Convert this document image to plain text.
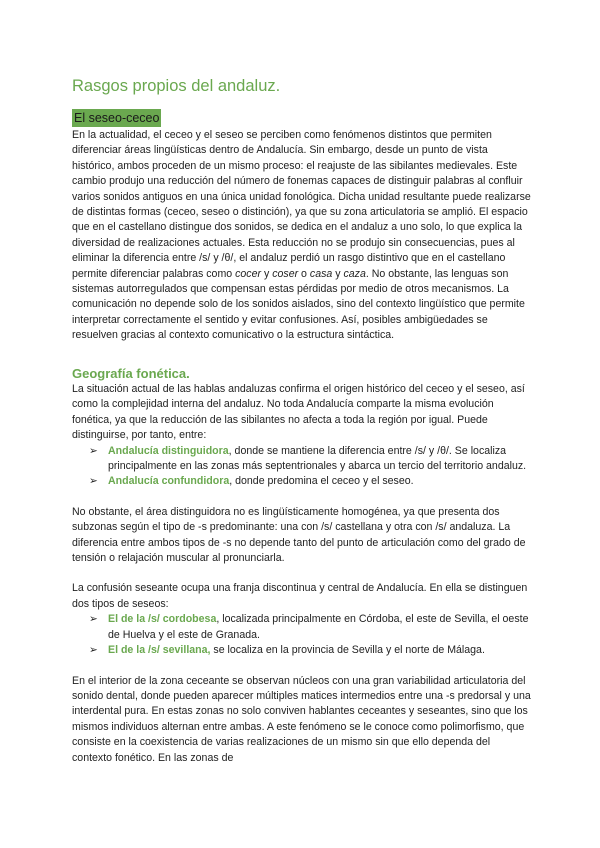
Rasgos propios del andaluz.
El seseo-ceceo

En la actualidad, el ceceo y el seseo se perciben como fenómenos distintos que permiten diferenciar áreas lingüísticas dentro de Andalucía. Sin embargo, desde un punto de vista histórico, ambos proceden de un mismo proceso: el reajuste de las sibilantes medievales. Este cambio produjo una reducción del número de fonemas capaces de distinguir palabras al confluir varios sonidos antiguos en una única unidad fonológica. Dicha unidad resultante puede realizarse de distintas formas (ceceo, seseo o distinción), ya que su zona articulatoria se amplió. El espacio que en el castellano distingue dos sonidos, se dedica en el andaluz a uno solo, lo que explica la diversidad de realizaciones actuales. Esta reducción no se produjo sin consecuencias, pues al eliminar la diferencia entre /s/ y /θ/, el andaluz perdió un rasgo distintivo que en el castellano permite diferenciar palabras como cocer y coser o casa y caza. No obstante, las lenguas son sistemas autorregulados que compensan estas pérdidas por medio de otros mecanismos. La comunicación no depende solo de los sonidos aislados, sino del contexto lingüístico que permite interpretar correctamente el sentido y evitar confusiones. Así, posibles ambigüedades se resuelven gracias al contexto comunicativo o la estructura sintáctica.

Geografía fonética.

La situación actual de las hablas andaluzas confirma el origen histórico del ceceo y el seseo, así como la complejidad interna del andaluz. No toda Andalucía comparte la misma evolución fonética, ya que la reducción de las sibilantes no afecta a toda la región por igual. Puede distinguirse, por tanto, entre:

➢ Andalucía distinguidora, donde se mantiene la diferencia entre /s/ y /θ/. Se localiza principalmente en las zonas más septentrionales y abarca un tercio del territorio andaluz.
➢ Andalucía confundidora, donde predomina el ceceo y el seseo.

No obstante, el área distinguidora no es lingüísticamente homogénea, ya que presenta dos subzonas según el tipo de -s predominante: una con /s/ castellana y otra con /s/ andaluza. La diferencia entre ambos tipos de -s no depende tanto del punto de articulación como del grado de tensión o relajación muscular al pronunciarla.

La confusión seseante ocupa una franja discontinua y central de Andalucía. En ella se distinguen dos tipos de seseos:

➢ El de la /s/ cordobesa, localizada principalmente en Córdoba, el este de Sevilla, el oeste de Huelva y el este de Granada.
➢ El de la /s/ sevillana, se localiza en la provincia de Sevilla y el norte de Málaga.

En el interior de la zona ceceante se observan núcleos con una gran variabilidad articulatoria del sonido dental, donde pueden aparecer múltiples matices intermedios entre una -s predorsal y una interdental pura. En estas zonas no solo conviven hablantes ceceantes y seseantes, sino que los mismos individuos alternan entre ambas. A este fenómeno se le conoce como polimorfismo, que consiste en la coexistencia de varias realizaciones de un mismo sin que ello dependa del contexto fonético. En las zonas de
